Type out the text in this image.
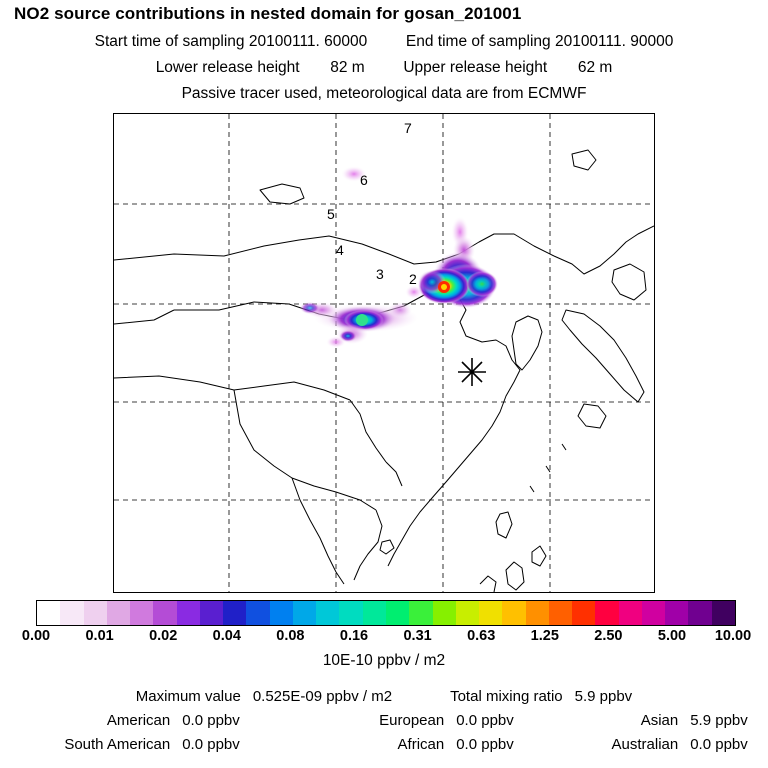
NO2 source contributions in nested domain for gosan_201001
Start time of sampling 20100111. 60000 End time of sampling 20100111. 90000
Lower release height 82 m Upper release height 62 m
Passive tracer used, meteorological data are from ECMWF
7
6
5
4
3 2
0.00 0.01 0.02 0.04 0.08 0.16 0.31 0.63 1.25 2.50 5.00 10.00
10E-10 ppbv / m2
Maximum value	0.525E-09 ppbv / m2		Total mixing ratio	5.9 ppbv
American	0.0 ppbv	European	0.0 ppbv	Asian	5.9 ppbv
South American	0.0 ppbv	African	0.0 ppbv	Australian	0.0 ppbv
